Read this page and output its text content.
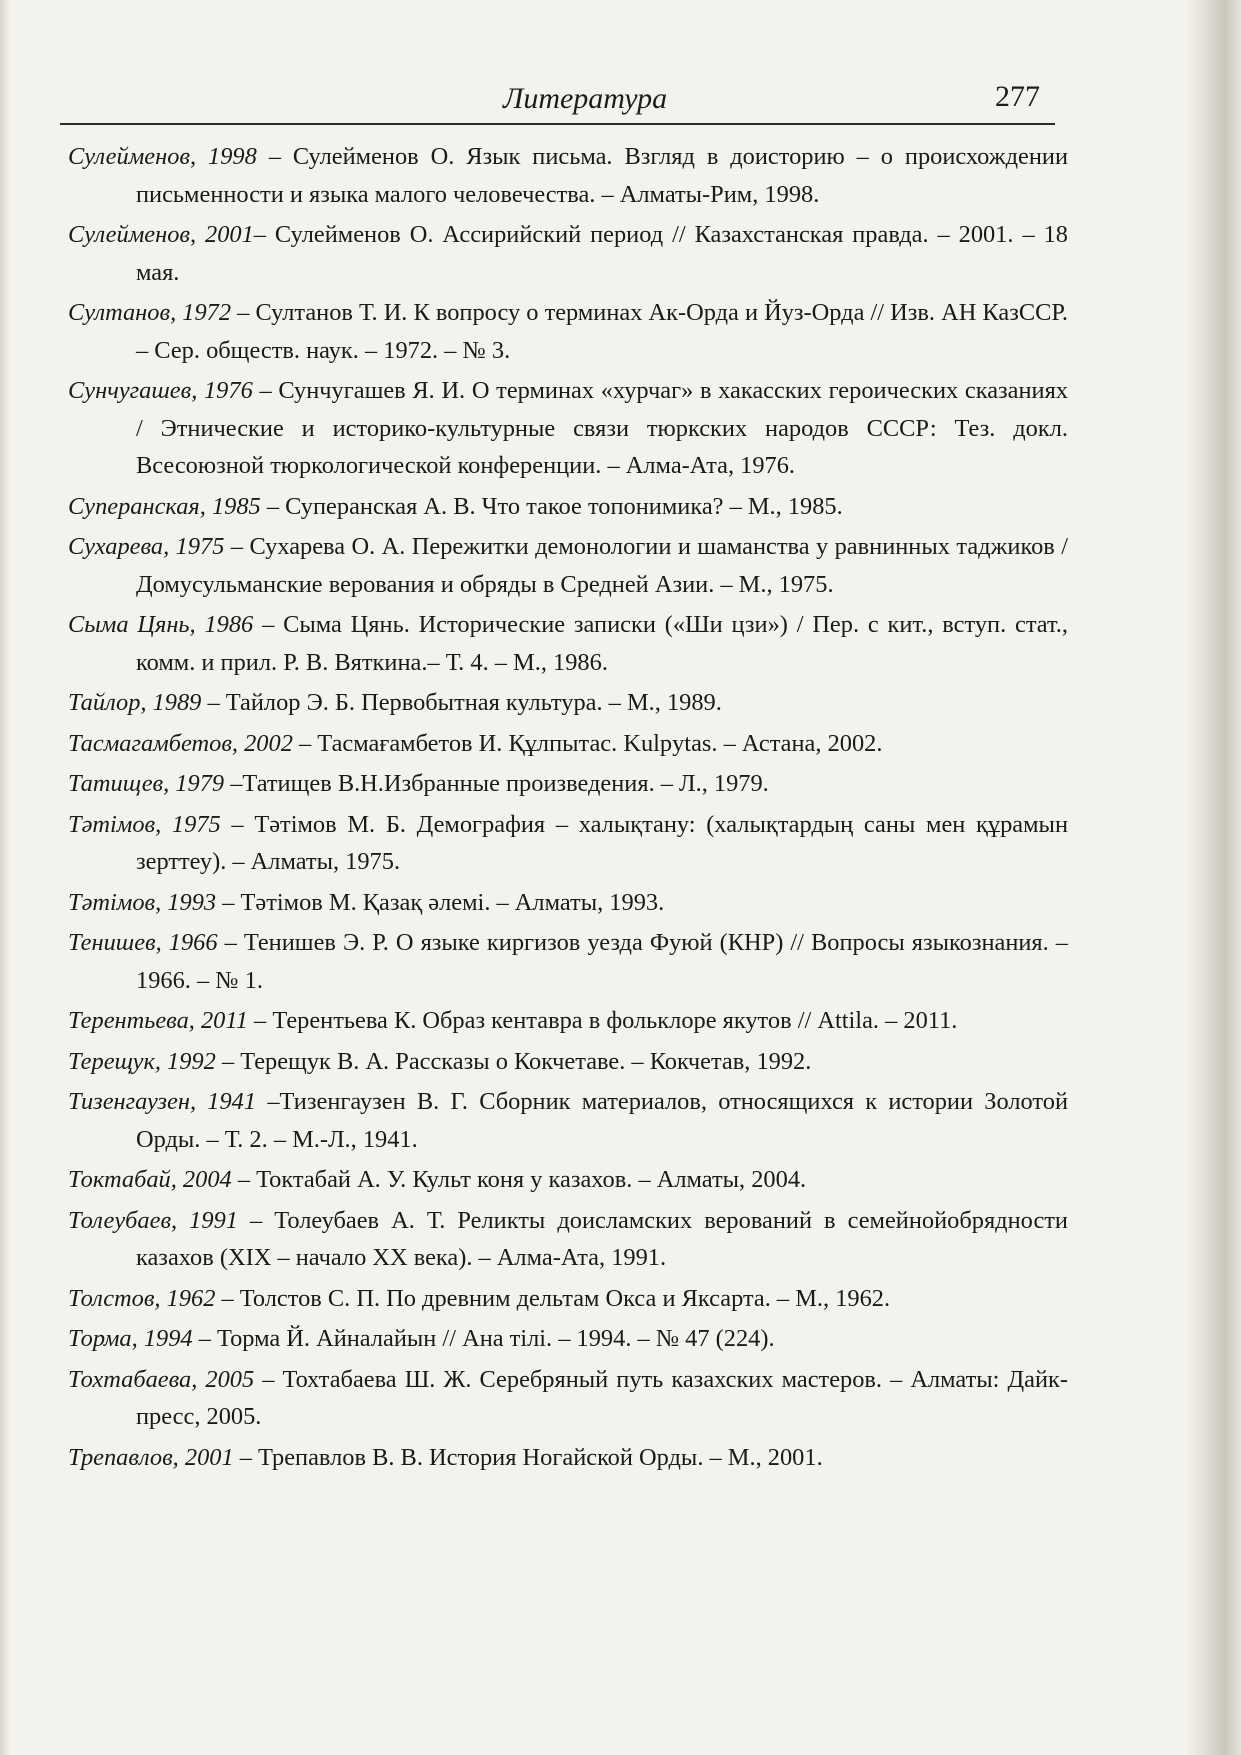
Литература	277

Сулейменов, 1998 – Сулейменов О. Язык письма. Взгляд в доисторию – о происхождении письменности и языка малого человечества. – Алматы-Рим, 1998.

Сулейменов, 2001– Сулейменов О. Ассирийский период // Казахстанская правда. – 2001. – 18 мая.

Султанов, 1972 – Султанов Т. И. К вопросу о терминах Ак-Орда и Йуз-Орда // Изв. АН КазССР. – Сер. обществ. наук. – 1972. – № 3.

Сунчугашев, 1976 – Сунчугашев Я. И. О терминах «хурчаг» в хакасских героических сказаниях / Этнические и историко-культурные связи тюркских народов СССР: Тез. докл. Всесоюзной тюркологической конференции. – Алма-Ата, 1976.

Суперанская, 1985 – Суперанская А. В. Что такое топонимика? – М., 1985.

Сухарева, 1975 – Сухарева О. А. Пережитки демонологии и шаманства у равнинных таджиков / Домусульманские верования и обряды в Средней Азии. – М., 1975.

Сыма Цянь, 1986 – Сыма Цянь. Исторические записки («Ши цзи») / Пер. с кит., вступ. стат., комм. и прил. Р. В. Вяткина.– Т. 4. – М., 1986.

Тайлор, 1989 – Тайлор Э. Б. Первобытная культура. – М., 1989.

Тасмагамбетов, 2002 – Тасмағамбетов И. Құлпытас. Kulpytas. – Астана, 2002.

Татищев, 1979 –Татищев В.Н.Избранные произведения. – Л., 1979.

Тәтімов, 1975 – Тәтімов М. Б. Демография – халықтану: (халықтардың саны мен құрамын зерттеу). – Алматы, 1975.

Тәтімов, 1993 – Тәтімов М. Қазақ әлемі. – Алматы, 1993.

Тенишев, 1966 – Тенишев Э. Р. О языке киргизов уезда Фуюй (КНР) // Вопросы языкознания. – 1966. – № 1.

Терентьева, 2011 – Терентьева К. Образ кентавра в фольклоре якутов // Attila. – 2011.

Терещук, 1992 – Терещук В. А. Рассказы о Кокчетаве. – Кокчетав, 1992.

Тизенгаузен, 1941 –Тизенгаузен В. Г. Сборник материалов, относящихся к истории Золотой Орды. – Т. 2. – М.-Л., 1941.

Токтабай, 2004 – Токтабай А. У. Культ коня у казахов. – Алматы, 2004.

Толеубаев, 1991 – Толеубаев А. Т. Реликты доисламских верований в семейнойобрядности казахов (XIX – начало XX века). – Алма-Ата, 1991.

Толстов, 1962 – Толстов С. П. По древним дельтам Окса и Яксарта. – М., 1962.

Торма, 1994 – Торма Й. Айналайын // Ана тілі. – 1994. – № 47 (224).

Тохтабаева, 2005 – Тохтабаева Ш. Ж. Серебряный путь казахских мастеров. – Алматы: Дайк-пресс, 2005.

Трепавлов, 2001 – Трепавлов В. В. История Ногайской Орды. – М., 2001.
